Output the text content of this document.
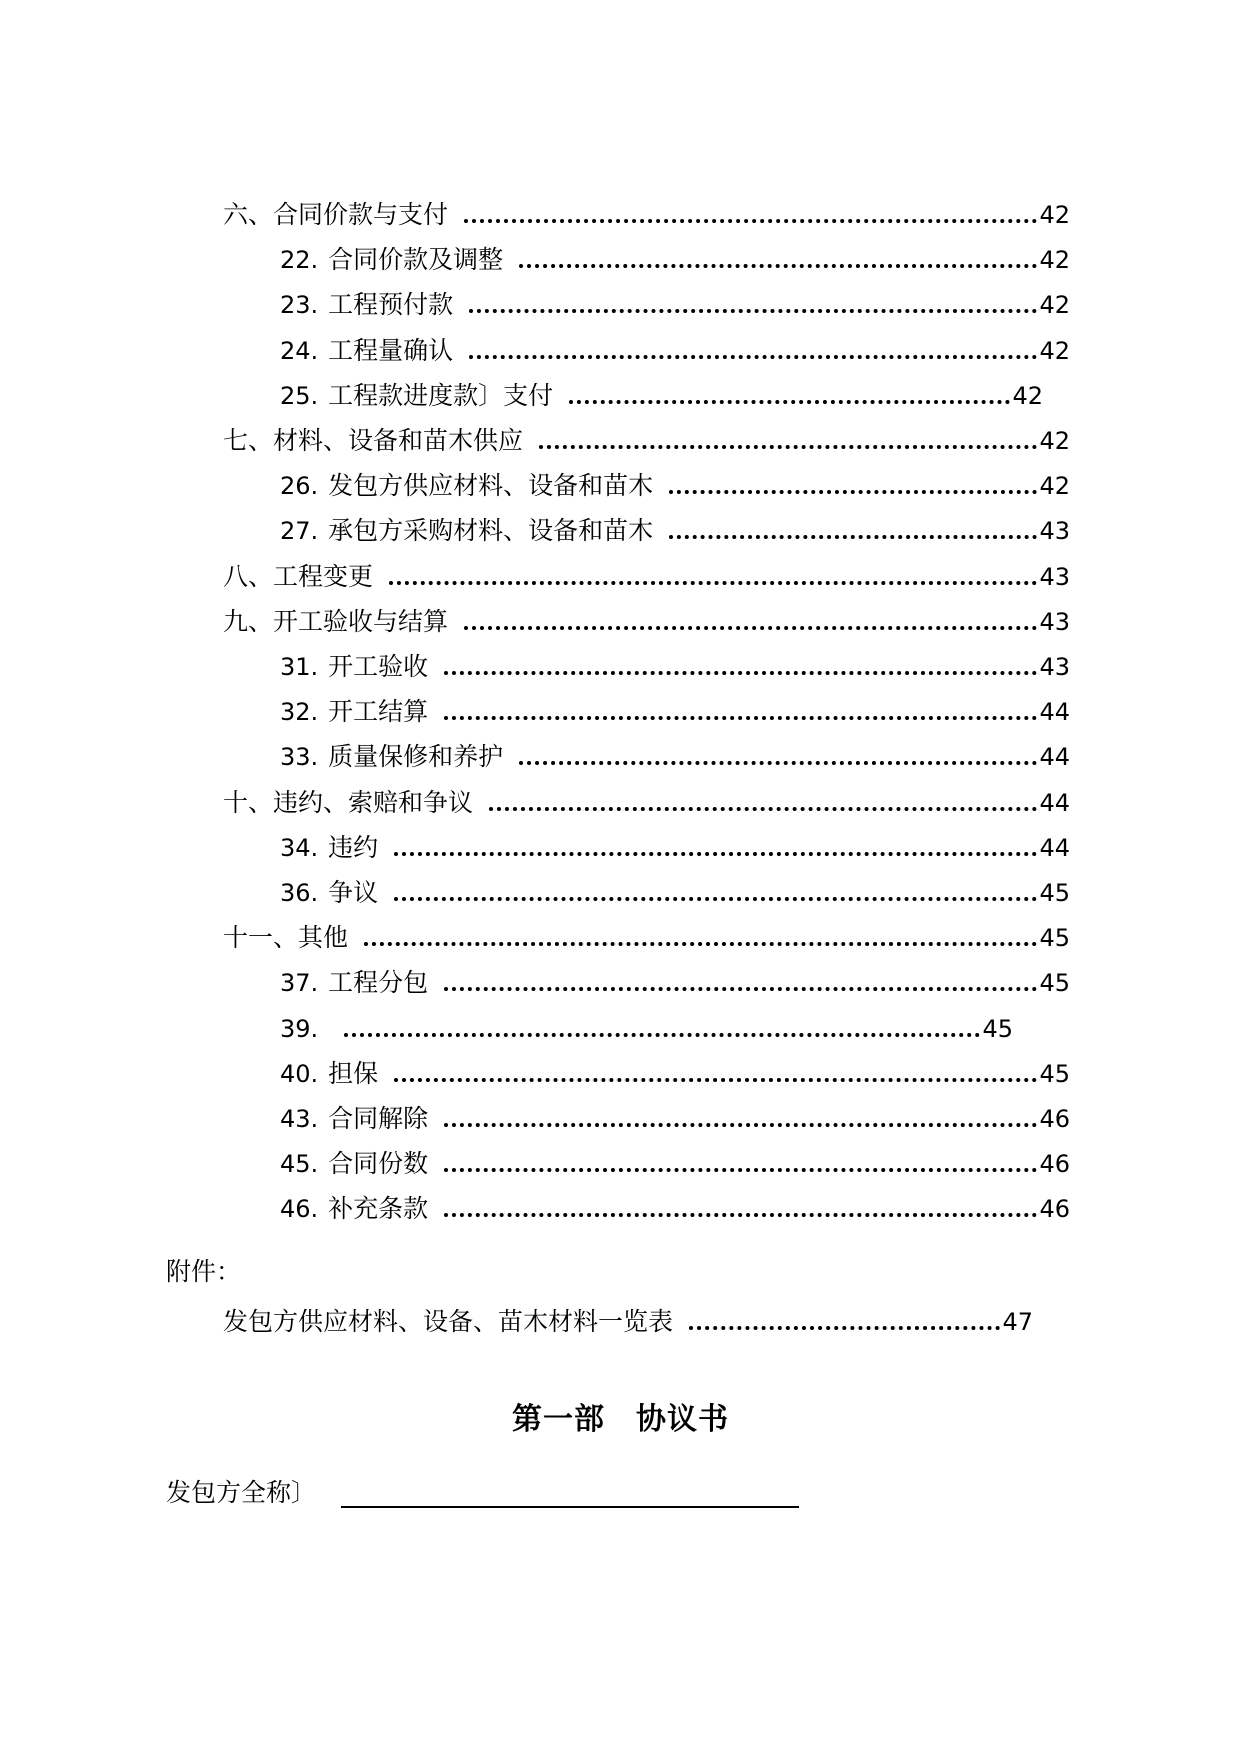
六、 合同价款与支付	42
22. 合同价款及调整	42
23. 工程预付款	42
24. 工程量确认	42
25. 工程款进度款〕支付	42
七、 材料、设备和苗木供应	42
26. 发包方供应材料、设备和苗木	42
27. 承包方采购材料、设备和苗木	43
八、 工程变更	43
九、 开工验收与结算	43
31. 开工验收	43
32. 开工结算	44
33. 质量保修和养护	44
十、 违约、索赔和争议	44
34. 违约	44
36. 争议	45
十一、 其他	45
37. 工程分包	45
39.	45
40. 担保	45
43. 合同解除	46
45. 合同份数	46
46. 补充条款	46
附件：
发包方供应材料、设备、苗木材料一览表	47
第一部　协议书
发包方全称〕
